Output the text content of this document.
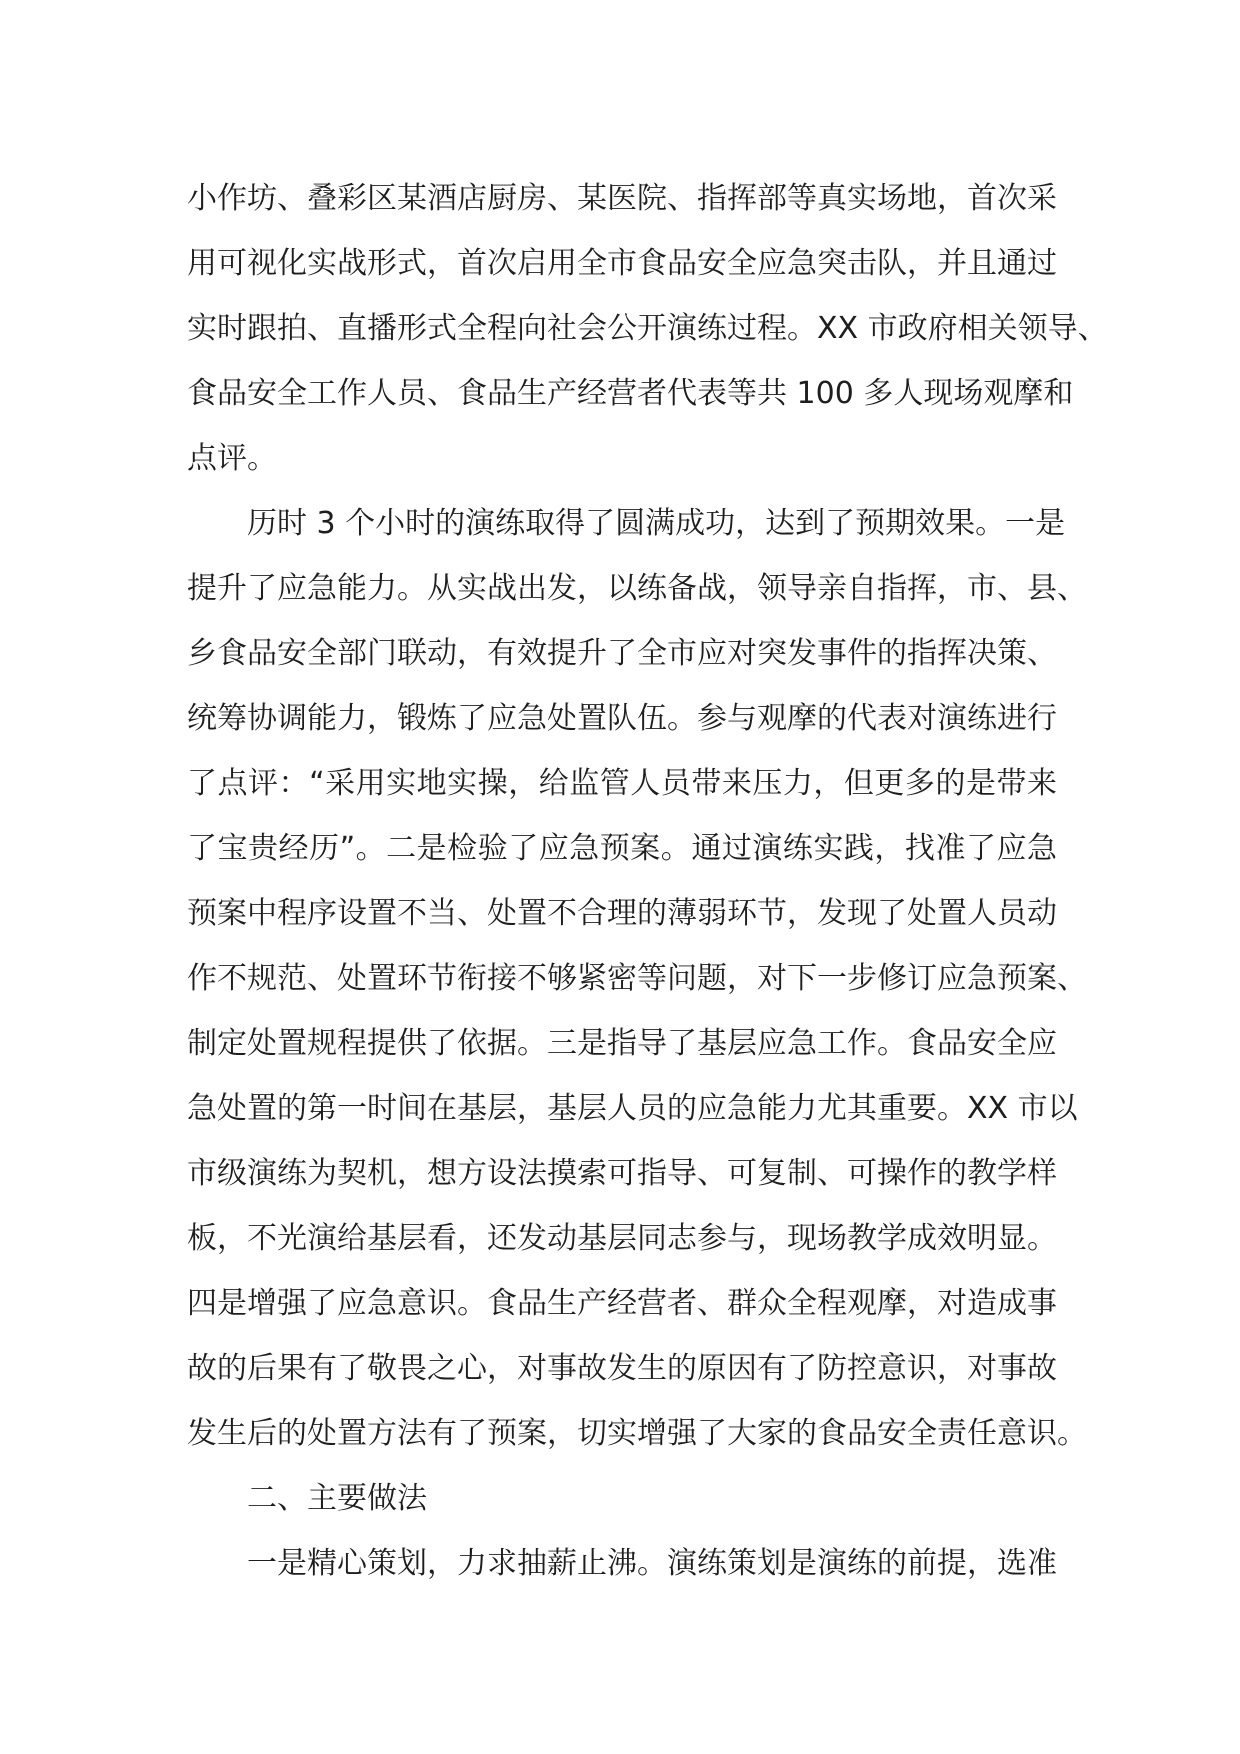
小作坊、叠彩区某酒店厨房、某医院、指挥部等真实场地，首次采
用可视化实战形式，首次启用全市食品安全应急突击队，并且通过
实时跟拍、直播形式全程向社会公开演练过程。XX 市政府相关领导、
食品安全工作人员、食品生产经营者代表等共 100 多人现场观摩和
点评。
历时 3 个小时的演练取得了圆满成功，达到了预期效果。一是
提升了应急能力。从实战出发，以练备战，领导亲自指挥，市、县、
乡食品安全部门联动，有效提升了全市应对突发事件的指挥决策、
统筹协调能力，锻炼了应急处置队伍。参与观摩的代表对演练进行
了点评：“采用实地实操，给监管人员带来压力，但更多的是带来
了宝贵经历”。二是检验了应急预案。通过演练实践，找准了应急
预案中程序设置不当、处置不合理的薄弱环节，发现了处置人员动
作不规范、处置环节衔接不够紧密等问题，对下一步修订应急预案、
制定处置规程提供了依据。三是指导了基层应急工作。食品安全应
急处置的第一时间在基层，基层人员的应急能力尤其重要。XX 市以
市级演练为契机，想方设法摸索可指导、可复制、可操作的教学样
板，不光演给基层看，还发动基层同志参与，现场教学成效明显。
四是增强了应急意识。食品生产经营者、群众全程观摩，对造成事
故的后果有了敬畏之心，对事故发生的原因有了防控意识，对事故
发生后的处置方法有了预案，切实增强了大家的食品安全责任意识。
二、主要做法
一是精心策划，力求抽薪止沸。演练策划是演练的前提，选准
